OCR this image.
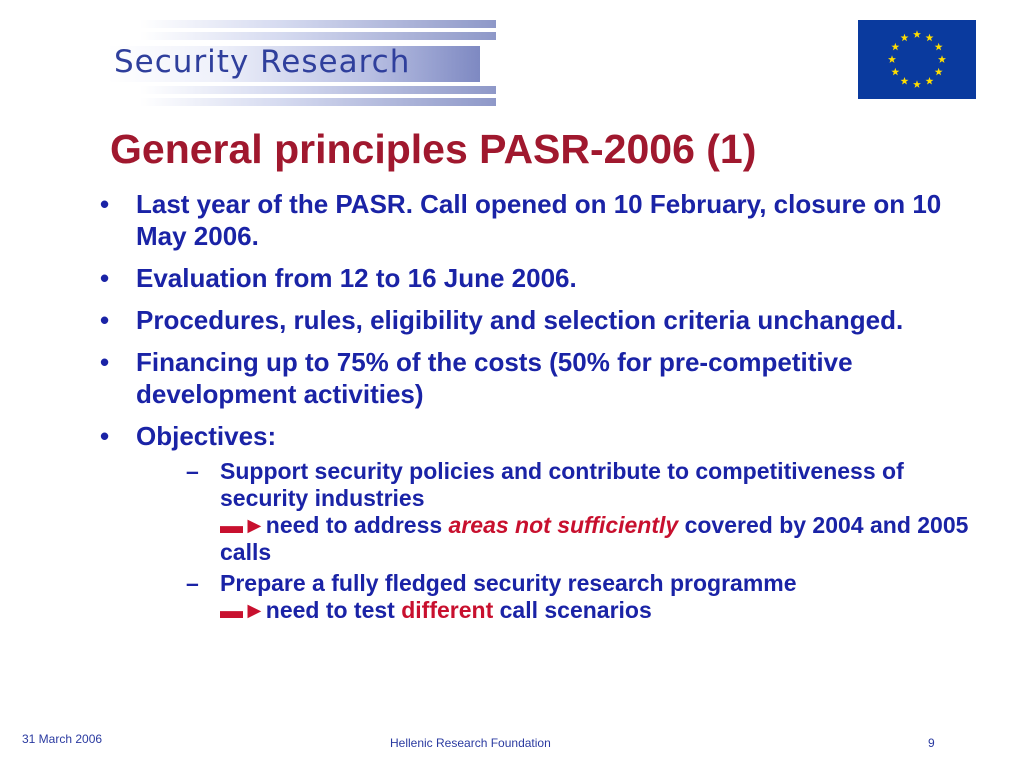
Security Research
General principles PASR-2006 (1)
• Last year of the PASR. Call opened on 10 February, closure on 10 May 2006.
• Evaluation from 12 to 16 June 2006.
• Procedures, rules, eligibility and selection criteria unchanged.
• Financing up to 75% of the costs (50% for pre-competitive development activities)
• Objectives:
– Support security policies and contribute to competitiveness of security industries
▬►need to address areas not sufficiently covered by 2004 and 2005 calls
– Prepare a fully fledged security research programme
▬►need to test different call scenarios
31 March 2006	Hellenic Research Foundation	9
